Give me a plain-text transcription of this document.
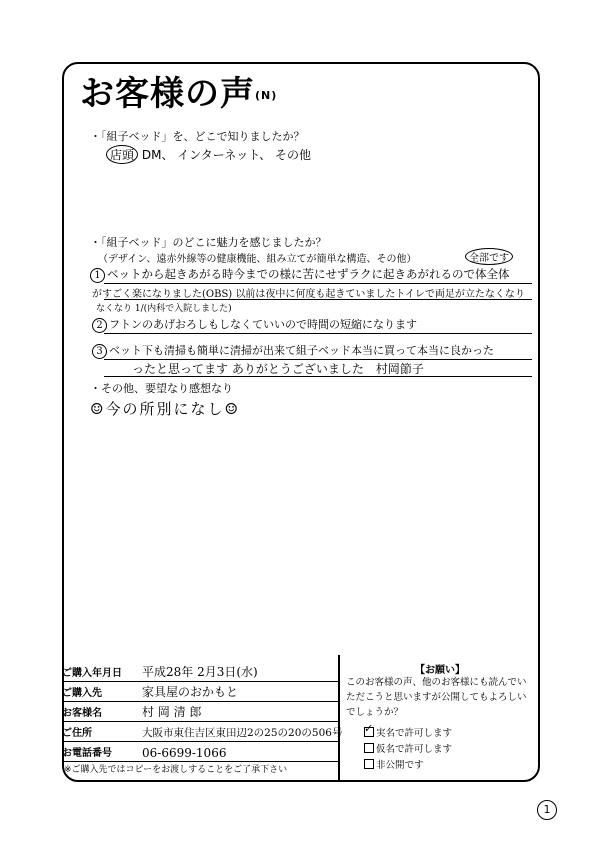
お客様の声(N)
・「組子ベッド」を、どこで知りましたか？
店頭 DM、 インターネット、 その他
・「組子ベッド」のどこに魅力を感じましたか？
（デザイン、遠赤外線等の健康機能、組み立てが簡単な構造、その他）	全部です
1 ベットから起きあがる時今までの様に苦にせずラクに起きあがれるので体全体
がすごく楽になりました(OBS) 以前は夜中に何度も起きていましたトイレで両足が立たなくなり
なくなり 1/(内科で入院しました)
2 フトンのあげおろしもしなくていいので時間の短縮になります
3 ベット下も清掃も簡単に清掃が出来て組子ベッド本当に買って本当に良かった
ったと思ってます ありがとうございました　村岡節子
・その他、要望なり感想なり
☺今の所別になし☺
ご購入年月日 平成28年 2月3日(水)
ご購入先	家具屋のおかもと
お客様名	村 岡 清 郎
ご住所	大阪市東住吉区東田辺2の25の20の506号
お電話番号	06-6699-1066
【お願い】
このお客様の声、他のお客様にも読んでいただこうと思いますが公開してもよろしいでしょうか？
✓実名で許可します
仮名で許可します
非公開です
※ご購入先ではコピーをお渡しすることをご了承下さい
1
